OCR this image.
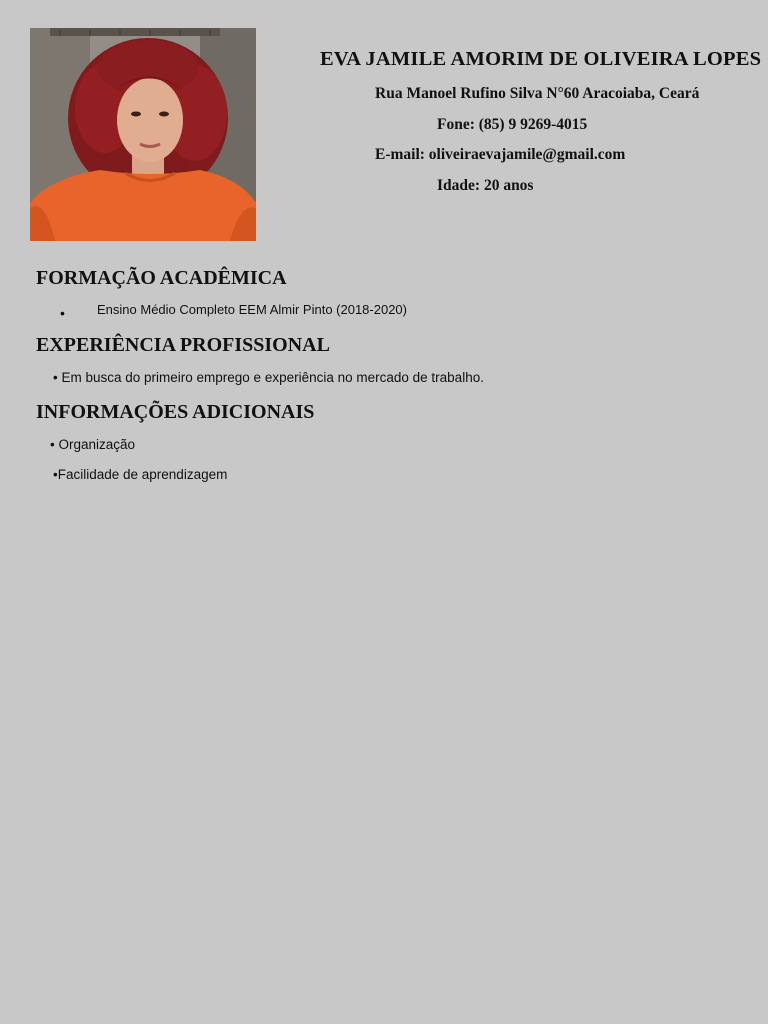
EVA JAMILE AMORIM DE OLIVEIRA LOPES

Rua Manoel Rufino Silva N°60 Aracoiaba, Ceará

Fone: (85) 9 9269-4015

E-mail: oliveiraevajamile@gmail.com

Idade: 20 anos

FORMAÇÃO ACADÊMICA
• Ensino Médio Completo EEM Almir Pinto (2018-2020)
EXPERIÊNCIA PROFISSIONAL
• Em busca do primeiro emprego e experiência no mercado de trabalho.
INFORMAÇÕES ADICIONAIS
• Organização
•Facilidade de aprendizagem
